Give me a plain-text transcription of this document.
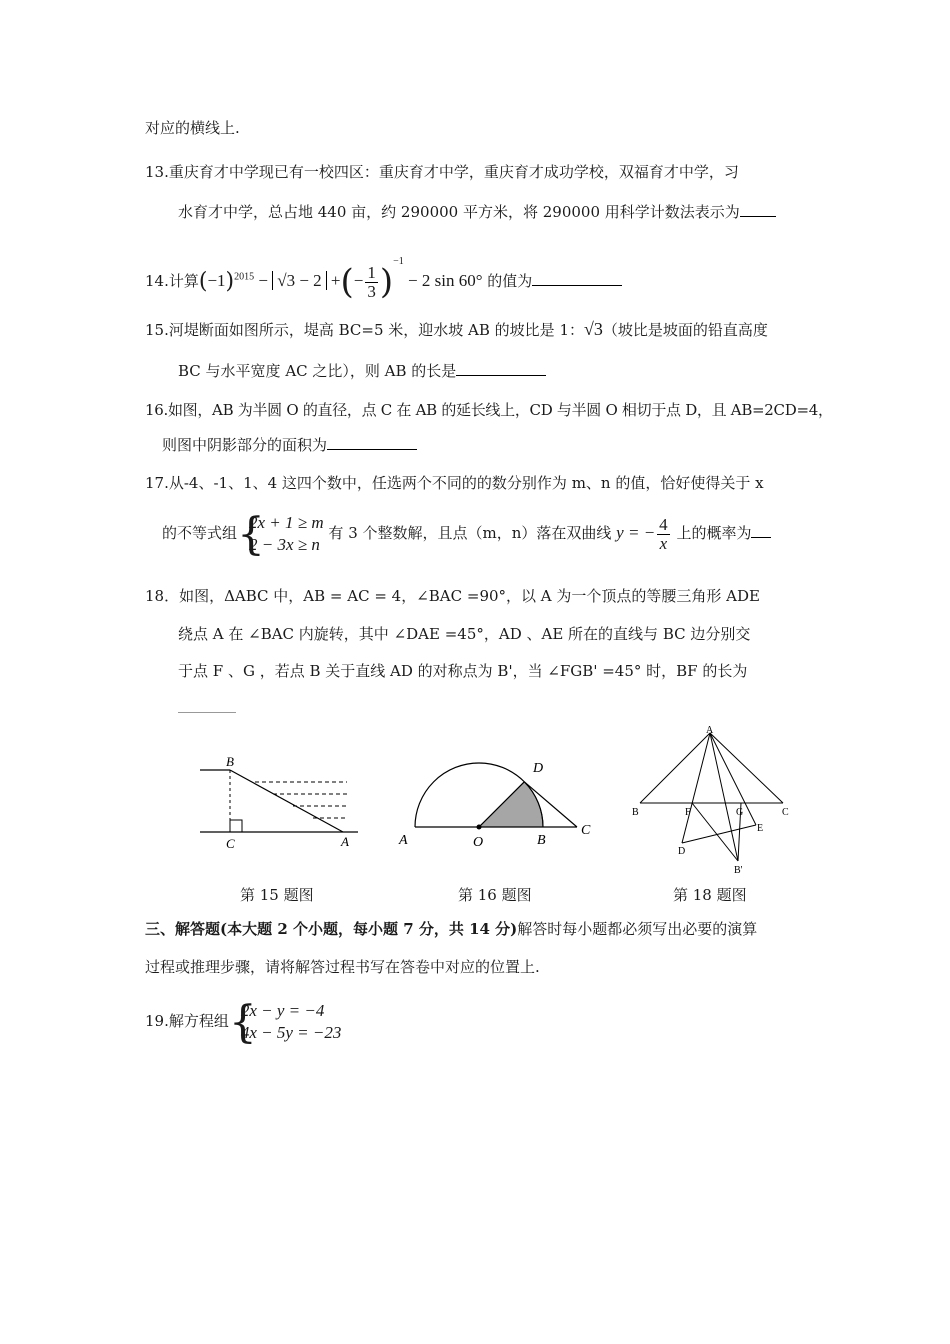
对应的横线上.
13.重庆育才中学现已有一校四区：重庆育才中学，重庆育才成功学校，双福育才中学，习
水育才中学，总占地 440 亩，约 290000 平方米，将 290000 用科学计数法表示为
14.计算$(-1)^{2015} - √3 - 2$ +(− $\frac{1}{3} )^{-1} - 2$ sin 60° 的值为
15.河堤断面如图所示，堤高 BC=5 米，迎水坡 AB 的坡比是 1：√3（坡比是坡面的铅直高度
BC 与水平宽度 AC 之比），则 AB 的长是
16.如图，AB 为半圆 O 的直径，点 C 在 AB 的延长线上，CD 与半圆 O 相切于点 D，且 AB=2CD=4，
则图中阴影部分的面积为
17.从-4、-1、1、4 这四个数中，任选两个不同的的数分别作为 m、n 的值，恰好使得关于 x
的不等式组 {
2x + 1 ≥ m
2 − 3x ≥ n
有 3 个整数解，且点（m，n）落在双曲线 y = − $\frac{4}{x}$ 上的概率为
18．如图，ΔABC 中，AB = AC = 4，∠BAC =90°，以 A 为一个顶点的等腰三角形 ADE
绕点 A 在 ∠BAC 内旋转，其中 ∠DAE =45°，AD 、AE 所在的直线与 BC 边分别交
于点 F 、G ，若点 B 关于直线 AD 的对称点为 B'，当 ∠FGB' =45° 时，BF 的长为
B
C	A
第 15 题图
A	O	B
C
D
第 16 题图
A
B	C
F	G
E
D
B'
第 18 题图
三、解答题(本大题 2 个小题，每小题 7 分，共 14 分)解答时每小题都必须写出必要的演算
过程或推理步骤，请将解答过程书写在答卷中对应的位置上.
19.解方程组 {
2x − y = −4
4x − 5y = −23
